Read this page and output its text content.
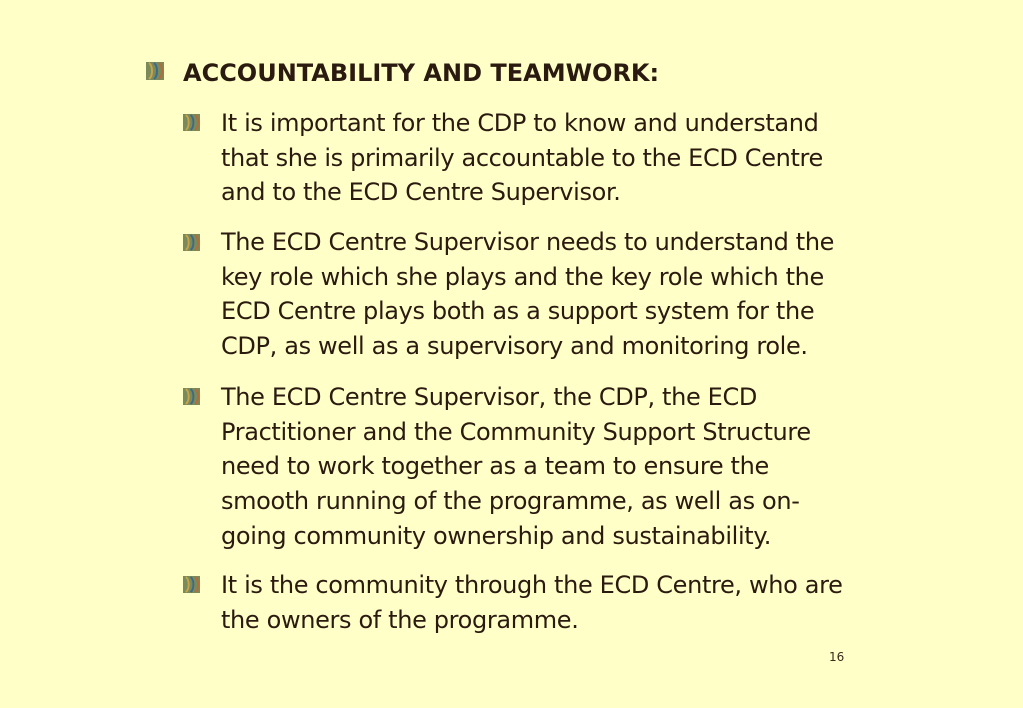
ACCOUNTABILITY AND TEAMWORK:
It is important for the CDP to know and understand
that she is primarily accountable to the ECD Centre
and to the ECD Centre Supervisor.
The ECD Centre Supervisor needs to understand the
key role which she plays and the key role which the
ECD Centre plays both as a support system for the
CDP, as well as a supervisory and monitoring role.
The ECD Centre Supervisor, the CDP, the ECD
Practitioner and the Community Support Structure
need to work together as a team to ensure the
smooth running of the programme, as well as on-
going community ownership and sustainability.
It is the community through the ECD Centre, who are
the owners of the programme.
16
